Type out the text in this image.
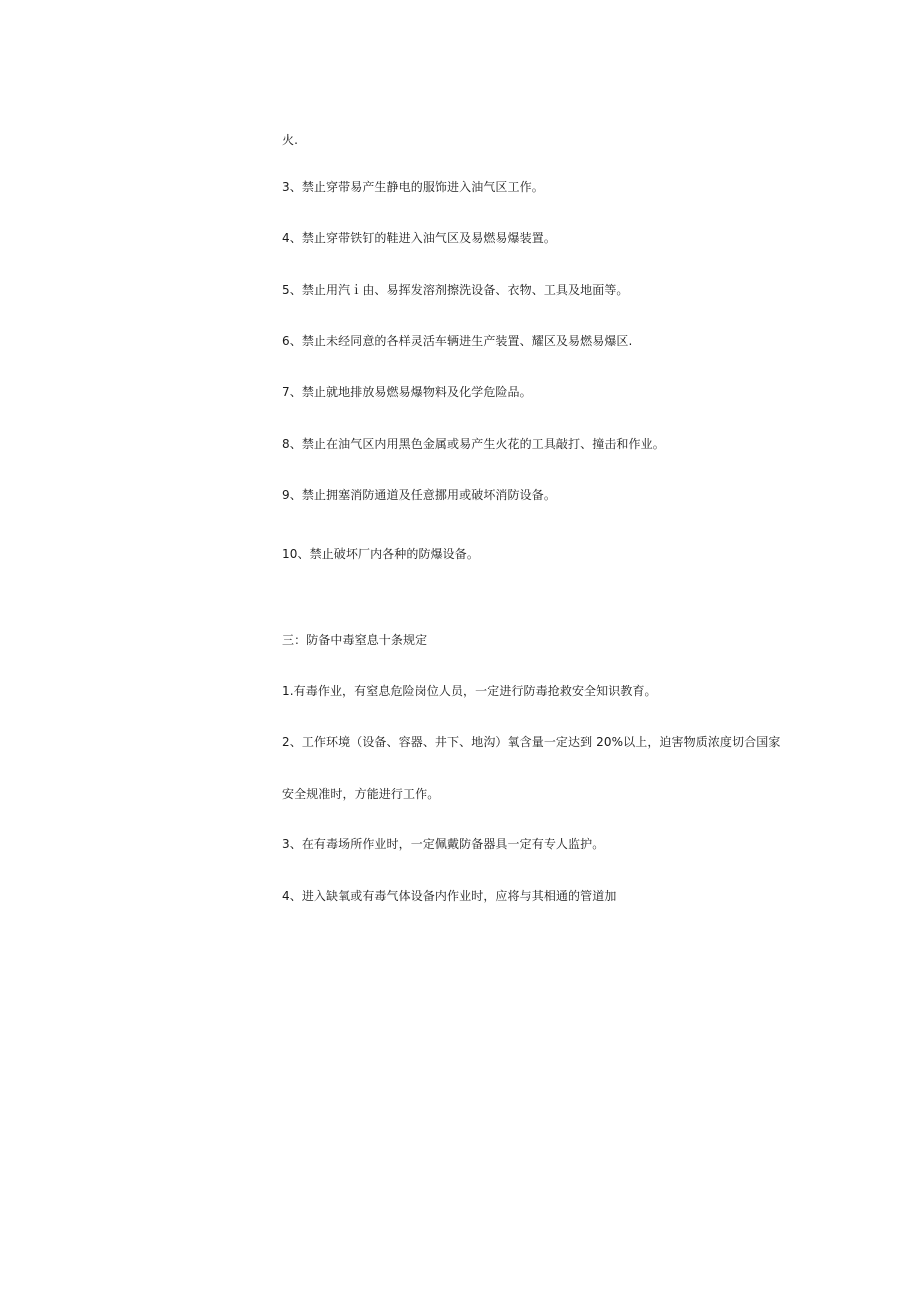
火.
3、禁止穿带易产生静电的服饰进入油气区工作。
4、禁止穿带铁钉的鞋进入油气区及易燃易爆装置。
5、禁止用汽ｉ由、易挥发溶剂擦洗设备、衣物、工具及地面等。
6、禁止未经同意的各样灵活车辆进生产装置、耀区及易燃易爆区.
7、禁止就地排放易燃易爆物料及化学危险品。
8、禁止在油气区内用黑色金属或易产生火花的工具敲打、撞击和作业。
9、禁止拥塞消防通道及任意挪用或破坏消防设备。
10、禁止破坏厂内各种的防爆设备。
三：防备中毒窒息十条规定
1.有毒作业，有窒息危险岗位人员，一定进行防毒抢救安全知识教育。
2、工作环境（设备、容器、井下、地沟）氧含量一定达到 20%以上，迫害物质浓度切合国家
安全规准时，方能进行工作。
3、在有毒场所作业时，一定佩戴防备器具一定有专人监护。
4、进入缺氧或有毒气体设备内作业时，应将与其相通的管道加
